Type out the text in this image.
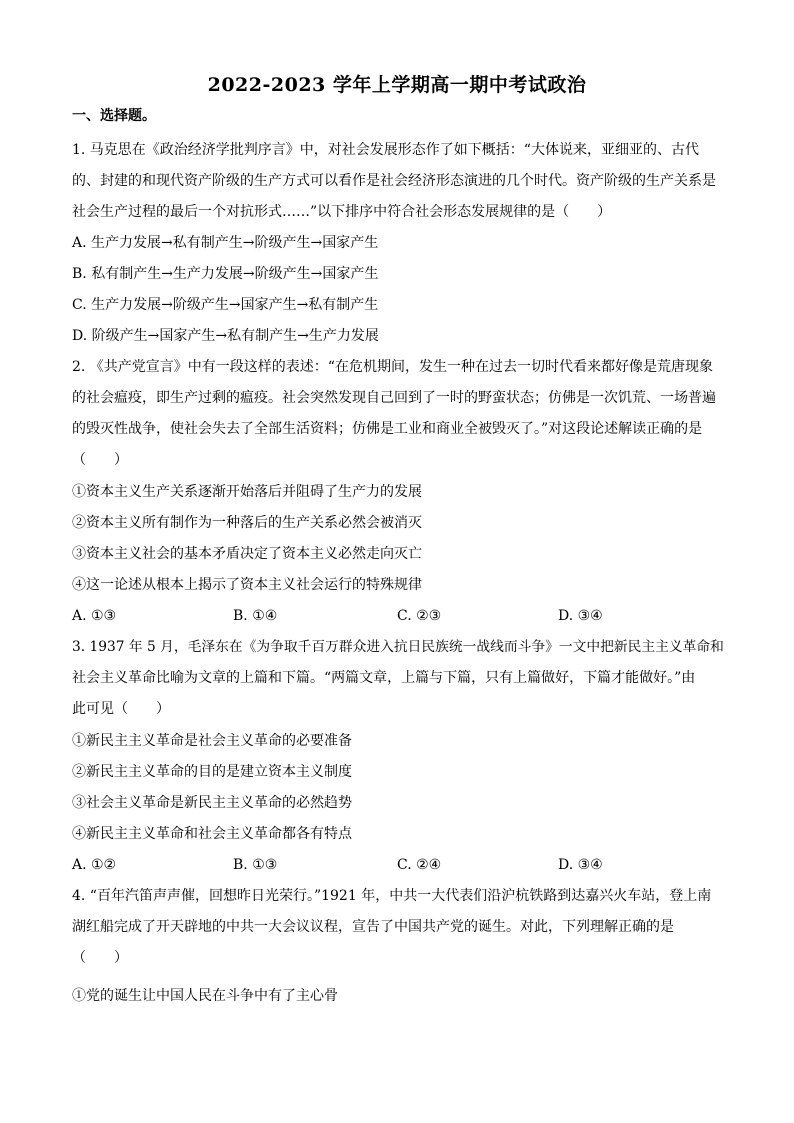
2022-2023 学年上学期高一期中考试政治
一、选择题。
1. 马克思在《政治经济学批判序言》中，对社会发展形态作了如下概括：“大体说来，亚细亚的、古代
的、封建的和现代资产阶级的生产方式可以看作是社会经济形态演进的几个时代。资产阶级的生产关系是
社会生产过程的最后一个对抗形式……”以下排序中符合社会形态发展规律的是（　　）
A. 生产力发展→私有制产生→阶级产生→国家产生
B. 私有制产生→生产力发展→阶级产生→国家产生
C. 生产力发展→阶级产生→国家产生→私有制产生
D. 阶级产生→国家产生→私有制产生→生产力发展
2. 《共产党宣言》中有一段这样的表述：“在危机期间，发生一种在过去一切时代看来都好像是荒唐现象
的社会瘟疫，即生产过剩的瘟疫。社会突然发现自己回到了一时的野蛮状态；仿佛是一次饥荒、一场普遍
的毁灭性战争，使社会失去了全部生活资料；仿佛是工业和商业全被毁灭了。”对这段论述解读正确的是
（　　）
①资本主义生产关系逐渐开始落后并阻碍了生产力的发展
②资本主义所有制作为一种落后的生产关系必然会被消灭
③资本主义社会的基本矛盾决定了资本主义必然走向灭亡
④这一论述从根本上揭示了资本主义社会运行的特殊规律
A. ①③	B. ①④	C. ②③	D. ③④
3. 1937 年 5 月，毛泽东在《为争取千百万群众进入抗日民族统一战线而斗争》一文中把新民主主义革命和
社会主义革命比喻为文章的上篇和下篇。“两篇文章，上篇与下篇，只有上篇做好，下篇才能做好。”由
此可见（　　）
①新民主主义革命是社会主义革命的必要准备
②新民主主义革命的目的是建立资本主义制度
③社会主义革命是新民主主义革命的必然趋势
④新民主主义革命和社会主义革命都各有特点
A. ①②	B. ①③	C. ②④	D. ③④
4. “百年汽笛声声催，回想昨日光荣行。”1921 年，中共一大代表们沿沪杭铁路到达嘉兴火车站，登上南
湖红船完成了开天辟地的中共一大会议议程，宣告了中国共产党的诞生。对此，下列理解正确的是
（　　）
①党的诞生让中国人民在斗争中有了主心骨
